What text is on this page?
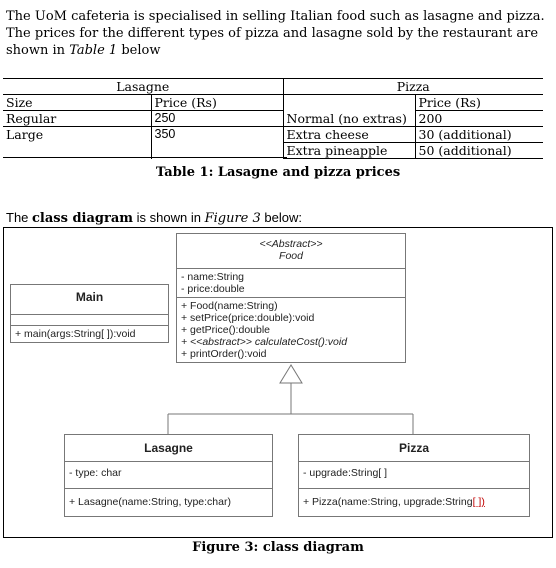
The UoM cafeteria is specialised in selling Italian food such as lasagne and pizza.

The prices for the different types of pizza and lasagne sold by the restaurant are shown in Table 1 below

Lasagne		Pizza	
Size	Price (Rs)		Price (Rs)
Regular	250	Normal (no extras)	200
Large	350	Extra cheese	30 (additional)
		Extra pineapple	50 (additional)
Table 1: Lasagne and pizza prices
The class diagram is shown in Figure 3 below:
<<Abstract>>
Food
- name:String
- price:double
+ Food(name:String)
+ setPrice(price:double):void
+ getPrice():double
+ <<abstract>> calculateCost():void
+ printOrder():void
Main
+ main(args:String[ ]):void
Lasagne
- type: char
+ Lasagne(name:String, type:char)
Pizza
- upgrade:String[ ]
+ Pizza(name:String, upgrade:String[ ])
Figure 3: class diagram
